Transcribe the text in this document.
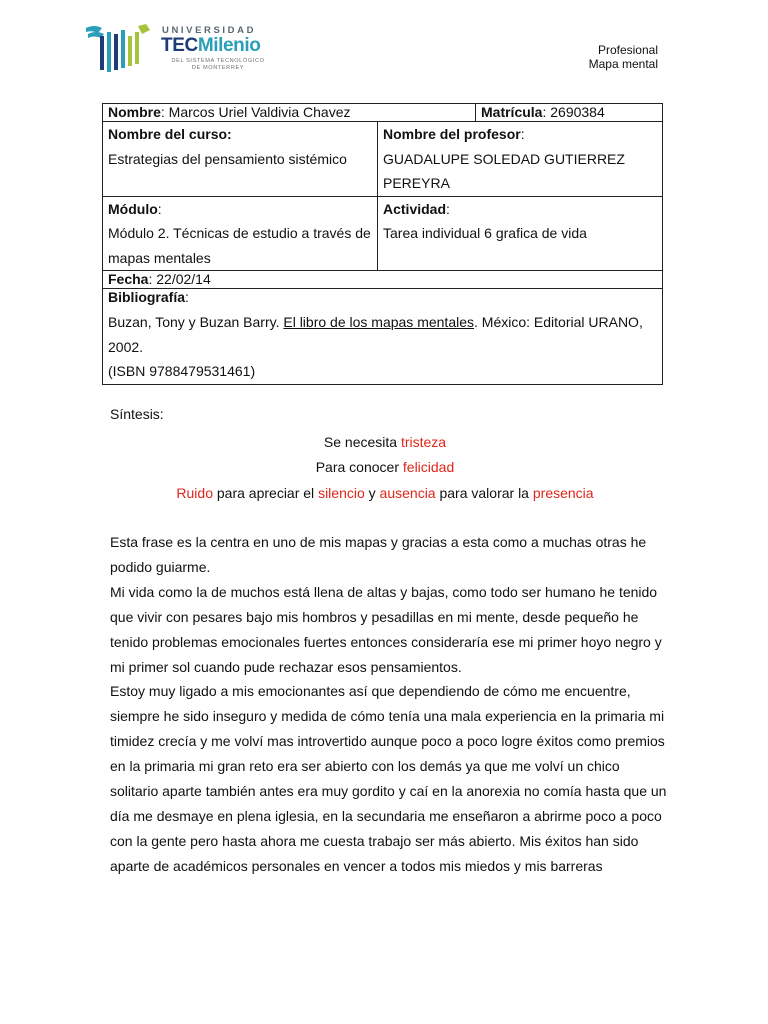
UNIVERSIDAD
TECMilenio
DEL SISTEMA TECNOLÓGICO
DE MONTERREY
Profesional
Mapa mental
Nombre: Marcos Uriel Valdivia Chavez		Matrícula: 2690384
Nombre del curso:
Estrategias del pensamiento sistémico	Nombre del profesor:
GUADALUPE SOLEDAD GUTIERREZ PEREYRA	
Módulo:
Módulo 2. Técnicas de estudio a través de mapas mentales	Actividad:
Tarea individual 6 grafica de vida	
Fecha: 22/02/14		

Bibliografía:
Buzan, Tony y Buzan Barry. El libro de los mapas mentales. México: Editorial URANO, 2002.
(ISBN 9788479531461)		
Síntesis:
Se necesita tristeza
Para conocer felicidad
Ruido para apreciar el silencio y ausencia para valorar la presencia

Esta frase es la centra en uno de mis mapas y gracias a esta como a muchas otras he podido guiarme.

Mi vida como la de muchos está llena de altas y bajas, como todo ser humano he tenido que vivir con pesares bajo mis hombros y pesadillas en mi mente, desde pequeño he tenido problemas emocionales fuertes entonces consideraría ese mi primer hoyo negro y mi primer sol cuando pude rechazar esos pensamientos.

Estoy muy ligado a mis emocionantes así que dependiendo de cómo me encuentre, siempre he sido inseguro y medida de cómo tenía una mala experiencia en la primaria mi timidez crecía y me volví mas introvertido aunque poco a poco logre éxitos como premios en la primaria mi gran reto era ser abierto con los demás ya que me volví un chico solitario aparte también antes era muy gordito y caí en la anorexia no comía hasta que un día me desmaye en plena iglesia, en la secundaria me enseñaron a abrirme poco a poco con la gente pero hasta ahora me cuesta trabajo ser más abierto. Mis éxitos han sido aparte de académicos personales en vencer a todos mis miedos y mis barreras
